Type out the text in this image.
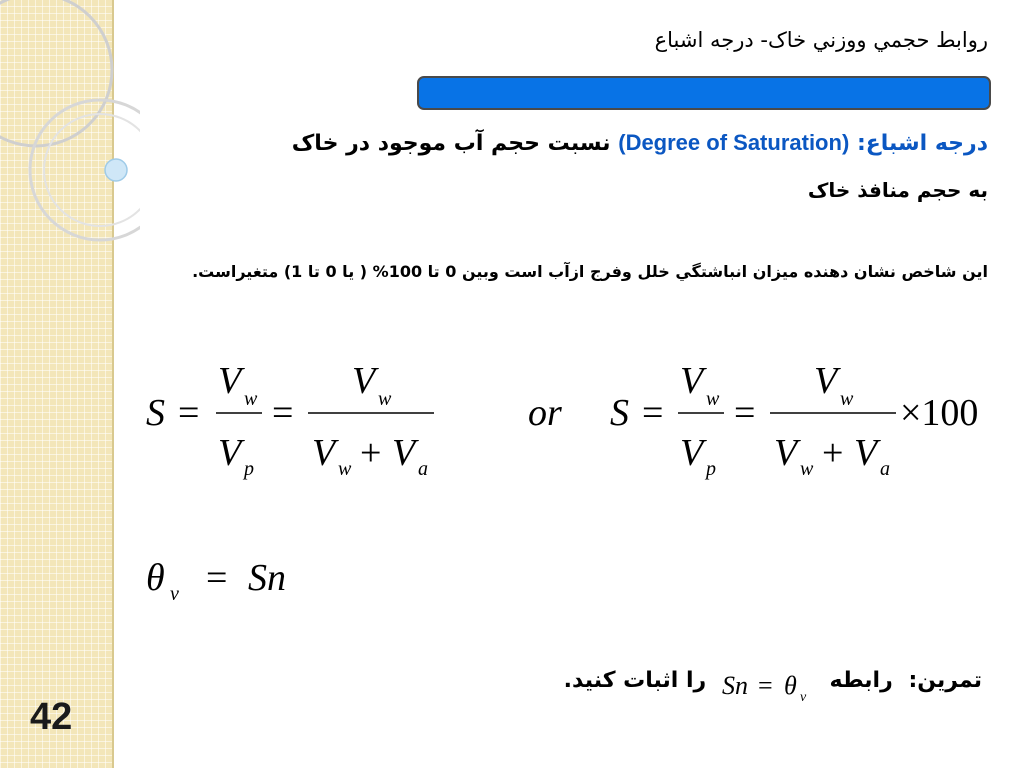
42
روابط حجمي ووزني خاک- درجه اشباع
درجه اشباع: (Degree of Saturation) نسبت حجم آب موجود در خاک
به حجم منافذ خاک
این شاخص نشان دهنده میزان انباشتگي خلل وفرج ازآب است وبین 0 تا 100% ( یا 0 تا 1) متغیراست.
S =
V w
V p
=
V w
V w + V a
or S =
V w
V p
=
V w
V w + V a
×100
θ v = Sn
تمرین: رابطه  را اثبات کنید. Sn = θ v
